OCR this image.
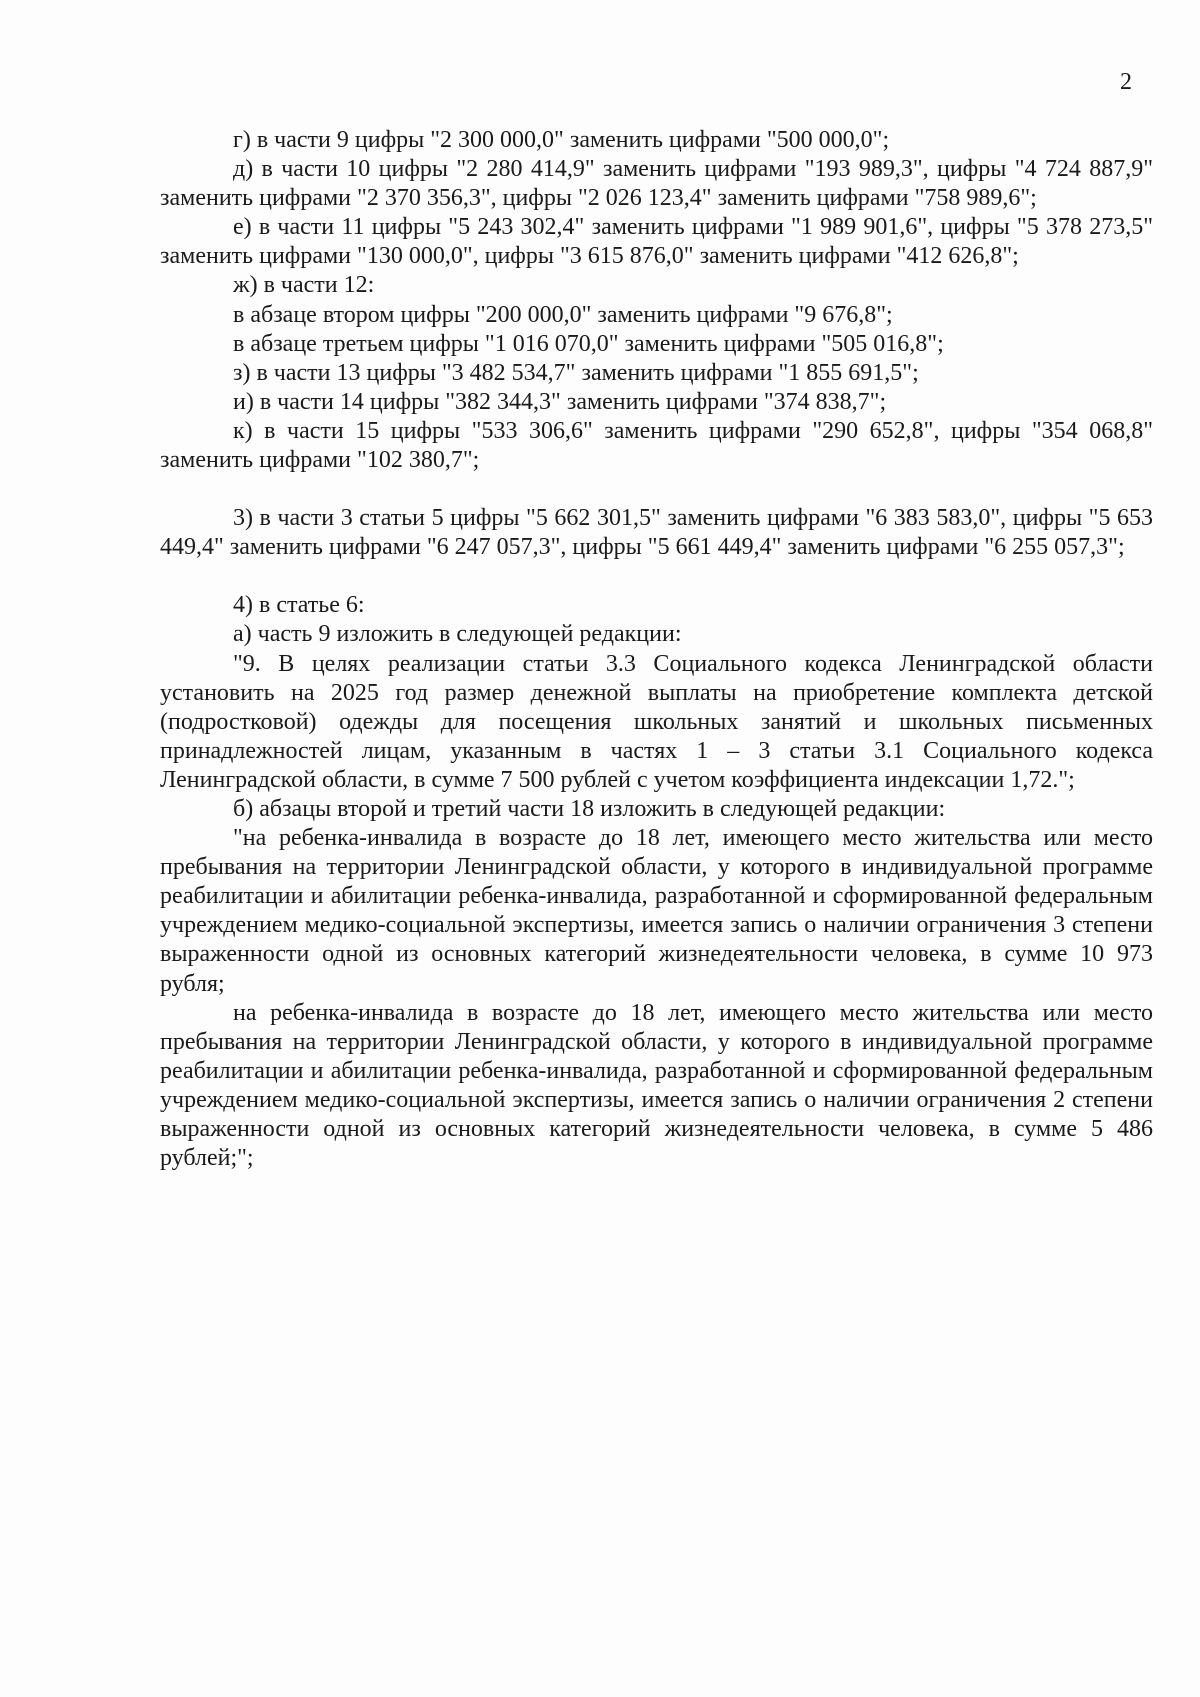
2

г) в части 9 цифры "2 300 000,0" заменить цифрами "500 000,0";

д) в части 10 цифры "2 280 414,9" заменить цифрами "193 989,3", цифры "4 724 887,9" заменить цифрами "2 370 356,3", цифры "2 026 123,4" заменить цифрами "758 989,6";

е) в части 11 цифры "5 243 302,4" заменить цифрами "1 989 901,6", цифры "5 378 273,5" заменить цифрами "130 000,0", цифры "3 615 876,0" заменить цифрами "412 626,8";

ж) в части 12:

в абзаце втором цифры "200 000,0" заменить цифрами "9 676,8";

в абзаце третьем цифры "1 016 070,0" заменить цифрами "505 016,8";

з) в части 13 цифры "3 482 534,7" заменить цифрами "1 855 691,5";

и) в части 14 цифры "382 344,3" заменить цифрами "374 838,7";

к) в части 15 цифры "533 306,6" заменить цифрами "290 652,8", цифры "354 068,8" заменить цифрами "102 380,7";

3) в части 3 статьи 5 цифры "5 662 301,5" заменить цифрами "6 383 583,0", цифры "5 653 449,4" заменить цифрами "6 247 057,3", цифры "5 661 449,4" заменить цифрами "6 255 057,3";

4) в статье 6:

а) часть 9 изложить в следующей редакции:

"9. В целях реализации статьи 3.3 Социального кодекса Ленинградской области установить на 2025 год размер денежной выплаты на приобретение комплекта детской (подростковой) одежды для посещения школьных занятий и школьных письменных принадлежностей лицам, указанным в частях 1 – 3 статьи 3.1 Социального кодекса Ленинградской области, в сумме 7 500 рублей с учетом коэффициента индексации 1,72.";

б) абзацы второй и третий части 18 изложить в следующей редакции:

"на ребенка-инвалида в возрасте до 18 лет, имеющего место жительства или место пребывания на территории Ленинградской области, у которого в индивидуальной программе реабилитации и абилитации ребенка-инвалида, разработанной и сформированной федеральным учреждением медико-социальной экспертизы, имеется запись о наличии ограничения 3 степени выраженности одной из основных категорий жизнедеятельности человека, в сумме 10 973 рубля;

на ребенка-инвалида в возрасте до 18 лет, имеющего место жительства или место пребывания на территории Ленинградской области, у которого в индивидуальной программе реабилитации и абилитации ребенка-инвалида, разработанной и сформированной федеральным учреждением медико-социальной экспертизы, имеется запись о наличии ограничения 2 степени выраженности одной из основных категорий жизнедеятельности человека, в сумме 5 486 рублей;";
